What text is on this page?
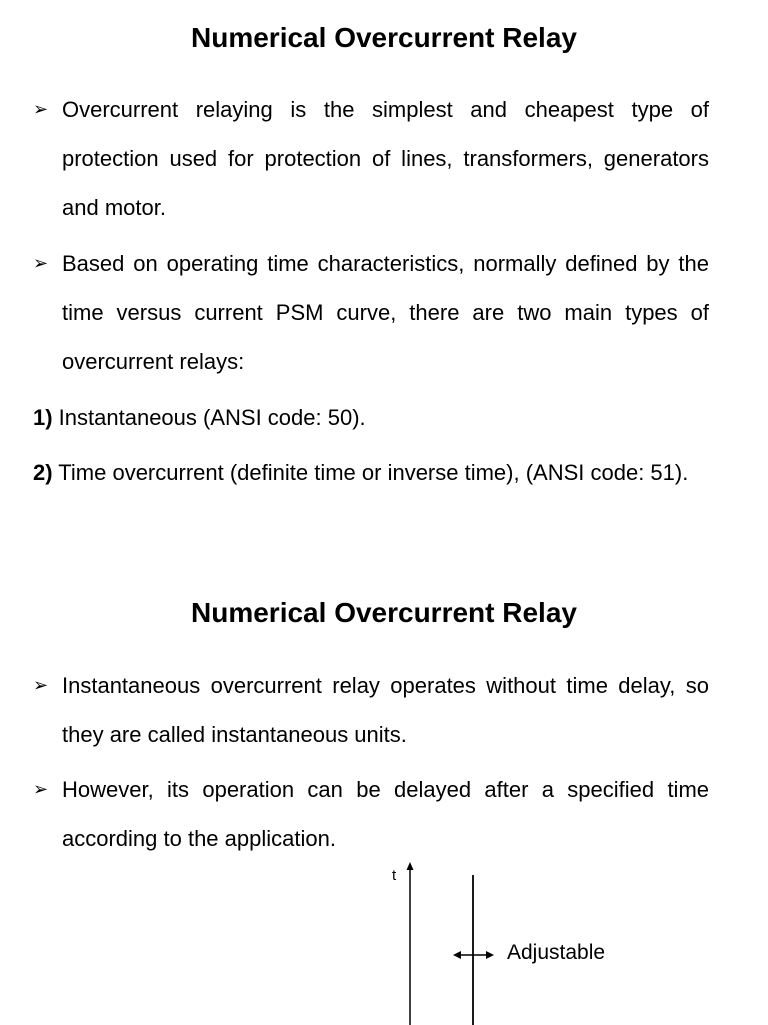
Numerical Overcurrent Relay
➢ Overcurrent relaying is the simplest and cheapest type of protection used for protection of lines, transformers, generators and motor.
➢ Based on operating time characteristics, normally defined by the time versus current PSM curve, there are two main types of overcurrent relays:
1) Instantaneous (ANSI code: 50).
2) Time overcurrent (definite time or inverse time), (ANSI code: 51).
Numerical Overcurrent Relay
➢ Instantaneous overcurrent relay operates without time delay, so they are called instantaneous units.
➢ However, its operation can be delayed after a specified time according to the application.
t
Adjustable
